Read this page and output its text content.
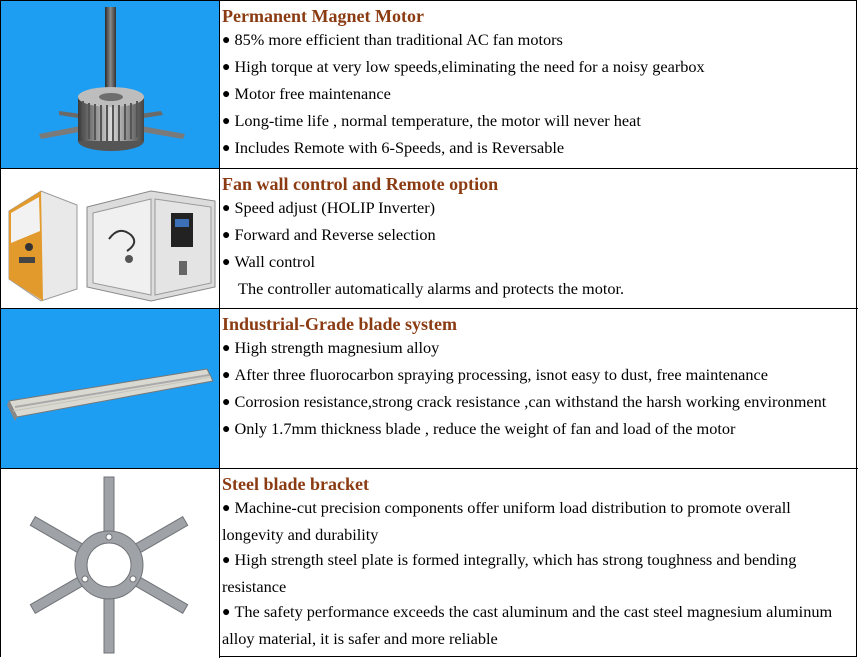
Permanent Magnet Motor
● 85% more efficient than traditional AC fan motors
● High torque at very low speeds,eliminating the need for a noisy gearbox
● Motor free maintenance
● Long-time life , normal temperature, the motor will never heat
● Includes Remote with 6-Speeds, and is Reversable
Fan wall control and Remote option
● Speed adjust (HOLIP Inverter)
● Forward and Reverse selection
● Wall control
The controller automatically alarms and protects the motor.
Industrial-Grade blade system
● High strength magnesium alloy
● After three fluorocarbon spraying processing, isnot easy to dust, free maintenance
● Corrosion resistance,strong crack resistance ,can withstand the harsh working environment
● Only 1.7mm thickness blade , reduce the weight of fan and load of the motor
Steel blade bracket
● Machine-cut precision components offer uniform load distribution to promote overall longevity and durability
● High strength steel plate is formed integrally, which has strong toughness and bending resistance
● The safety performance exceeds the cast aluminum and the cast steel magnesium aluminum alloy material, it is safer and more reliable
